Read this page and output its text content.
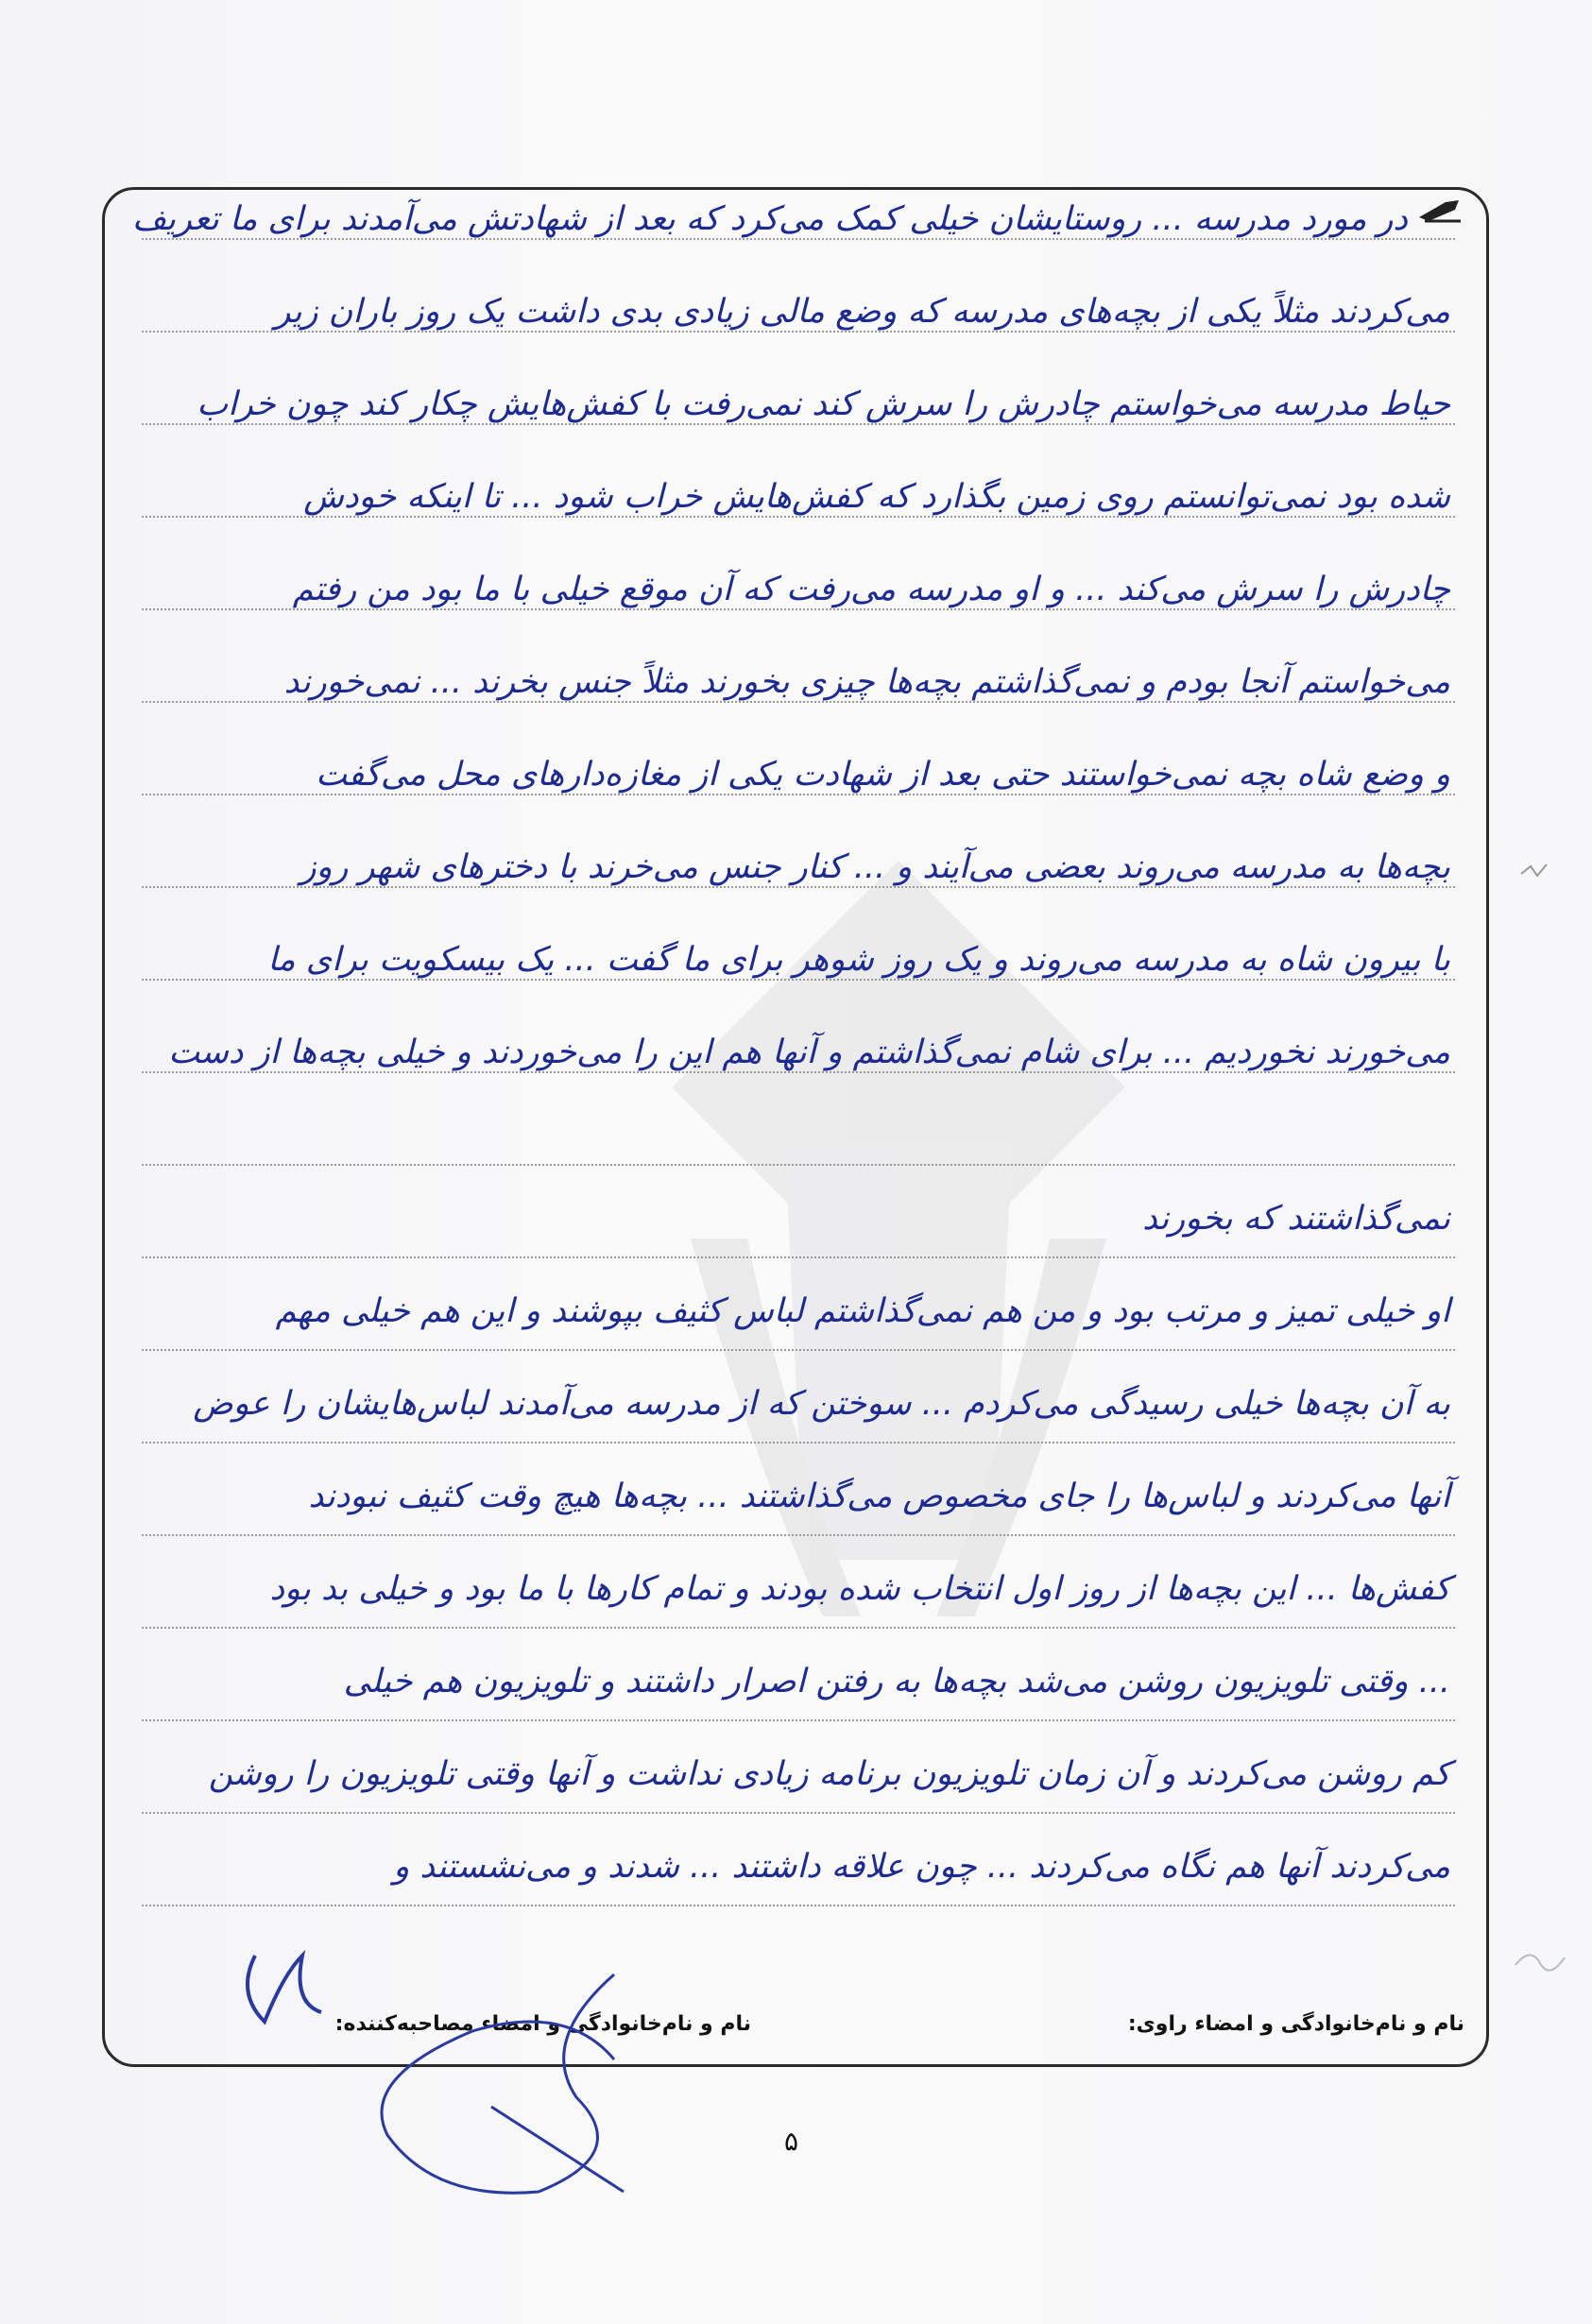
در مورد مدرسه ... روستایشان خیلی کمک می‌کرد که بعد از شهادتش می‌آمدند برای ما تعریف
می‌کردند مثلاً یکی از بچه‌های مدرسه که وضع مالی زیادی بدی داشت یک روز باران زیر
حیاط مدرسه می‌خواستم چادرش را سرش کند نمی‌رفت با کفش‌هایش چکار کند چون خراب
شده بود نمی‌توانستم روی زمین بگذارد که کفش‌هایش خراب شود ... تا اینکه خودش
چادرش را سرش می‌کند ... و او مدرسه می‌رفت که آن موقع خیلی با ما بود من رفتم
می‌خواستم آنجا بودم و نمی‌گذاشتم بچه‌ها چیزی بخورند مثلاً جنس بخرند ... نمی‌خورند
و وضع شاه بچه نمی‌خواستند حتی بعد از شهادت یکی از مغازه‌دارهای محل می‌گفت
بچه‌ها به مدرسه می‌روند بعضی می‌آیند و ... کنار جنس می‌خرند با دخترهای شهر روز
با بیرون شاه به مدرسه می‌روند و یک روز شوهر برای ما گفت ... یک بیسکویت برای ما
می‌خورند نخوردیم ... برای شام نمی‌گذاشتم و آنها هم این را می‌خوردند و خیلی بچه‌ها از دست
نمی‌گذاشتند که بخورند
او خیلی تمیز و مرتب بود و من هم نمی‌گذاشتم لباس کثیف بپوشند و این هم خیلی مهم
به آن بچه‌ها خیلی رسیدگی می‌کردم ... سوختن که از مدرسه می‌آمدند لباس‌هایشان را عوض
آنها می‌کردند و لباس‌ها را جای مخصوص می‌گذاشتند ... بچه‌ها هیچ وقت کثیف نبودند
کفش‌ها ... این بچه‌ها از روز اول انتخاب شده بودند و تمام کارها با ما بود و خیلی بد بود
... وقتی تلویزیون روشن می‌شد بچه‌ها به رفتن اصرار داشتند و تلویزیون هم خیلی
کم روشن می‌کردند و آن زمان تلویزیون برنامه زیادی نداشت و آنها وقتی تلویزیون را روشن
می‌کردند آنها هم نگاه می‌کردند ... چون علاقه داشتند ... شدند و می‌نشستند و
نام و نام‌خانوادگی و امضاء مصاحبه‌کننده:	نام و نام‌خانوادگی و امضاء راوی:
۵
